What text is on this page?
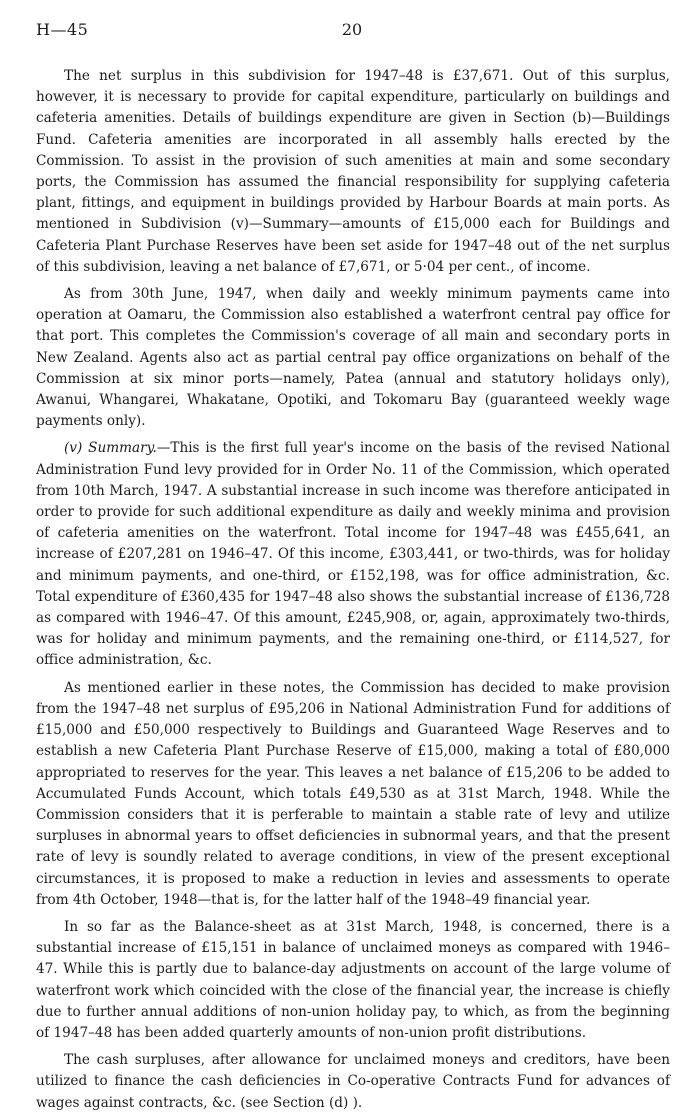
H—45	20

The net surplus in this subdivision for 1947–48 is £37,671. Out of this surplus, however, it is necessary to provide for capital expenditure, particularly on buildings and cafeteria amenities. Details of buildings expenditure are given in Section (b)—Buildings Fund. Cafeteria amenities are incorporated in all assembly halls erected by the Commission. To assist in the provision of such amenities at main and some secondary ports, the Commission has assumed the financial responsibility for supplying cafeteria plant, fittings, and equipment in buildings provided by Harbour Boards at main ports. As mentioned in Subdivision (v)—Summary—amounts of £15,000 each for Buildings and Cafeteria Plant Purchase Reserves have been set aside for 1947–48 out of the net surplus of this subdivision, leaving a net balance of £7,671, or 5·04 per cent., of income.

As from 30th June, 1947, when daily and weekly minimum payments came into operation at Oamaru, the Commission also established a waterfront central pay office for that port. This completes the Commission's coverage of all main and secondary ports in New Zealand. Agents also act as partial central pay office organizations on behalf of the Commission at six minor ports—namely, Patea (annual and statutory holidays only), Awanui, Whangarei, Whakatane, Opotiki, and Tokomaru Bay (guaranteed weekly wage payments only).

(v) Summary.—This is the first full year's income on the basis of the revised National Administration Fund levy provided for in Order No. 11 of the Commission, which operated from 10th March, 1947. A substantial increase in such income was therefore anticipated in order to provide for such additional expenditure as daily and weekly minima and provision of cafeteria amenities on the waterfront. Total income for 1947–48 was £455,641, an increase of £207,281 on 1946–47. Of this income, £303,441, or two-thirds, was for holiday and minimum payments, and one-third, or £152,198, was for office administration, &c. Total expenditure of £360,435 for 1947–48 also shows the substantial increase of £136,728 as compared with 1946–47. Of this amount, £245,908, or, again, approximately two-thirds, was for holiday and minimum payments, and the remaining one-third, or £114,527, for office administration, &c.

As mentioned earlier in these notes, the Commission has decided to make provision from the 1947–48 net surplus of £95,206 in National Administration Fund for additions of £15,000 and £50,000 respectively to Buildings and Guaranteed Wage Reserves and to establish a new Cafeteria Plant Purchase Reserve of £15,000, making a total of £80,000 appropriated to reserves for the year. This leaves a net balance of £15,206 to be added to Accumulated Funds Account, which totals £49,530 as at 31st March, 1948. While the Commission considers that it is perferable to maintain a stable rate of levy and utilize surpluses in abnormal years to offset deficiencies in subnormal years, and that the present rate of levy is soundly related to average conditions, in view of the present exceptional circumstances, it is proposed to make a reduction in levies and assessments to operate from 4th October, 1948—that is, for the latter half of the 1948–49 financial year.

In so far as the Balance-sheet as at 31st March, 1948, is concerned, there is a substantial increase of £15,151 in balance of unclaimed moneys as compared with 1946–47. While this is partly due to balance-day adjustments on account of the large volume of waterfront work which coincided with the close of the financial year, the increase is chiefly due to further annual additions of non-union holiday pay, to which, as from the beginning of 1947–48 has been added quarterly amounts of non-union profit distributions.

The cash surpluses, after allowance for unclaimed moneys and creditors, have been utilized to finance the cash deficiencies in Co-operative Contracts Fund for advances of wages against contracts, &c. (see Section (d) ).
